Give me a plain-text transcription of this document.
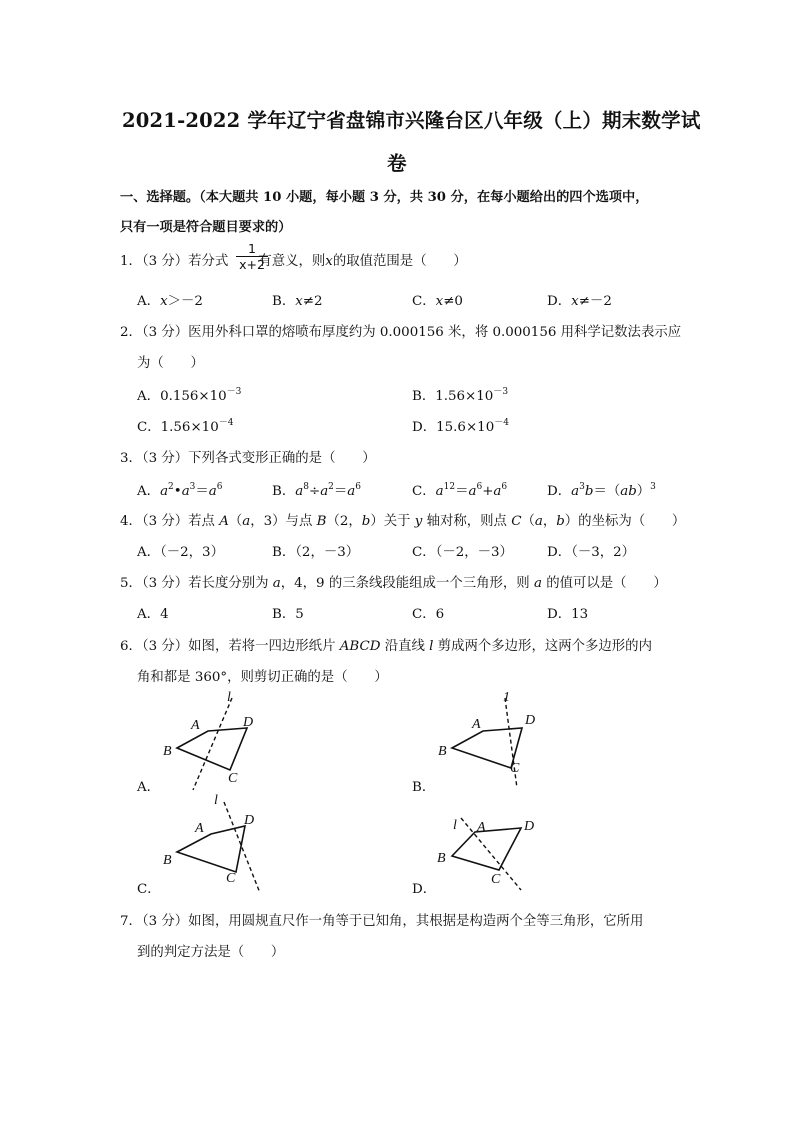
2021-2022 学年辽宁省盘锦市兴隆台区八年级（上）期末数学试
卷
一、选择题。（本大题共 10 小题，每小题 3 分，共 30 分，在每小题给出的四个选项中，
只有一项是符合题目要求的）
1．（3 分）若分式 有意义，则x的取值范围是（　　）
$\frac{1}{x+2}$
A．x＞－2	B．x≠2	C．x≠0	D．x≠－2
2．（3 分）医用外科口罩的熔喷布厚度约为 0.000156 米，将 0.000156 用科学记数法表示应
为（　　）
A．$0.156\times 10^{-3}$	B．$1.56\times 10^{-3}$
C．$1.56\times 10^{-4}$	D．$15.6\times 10^{-4}$
3．（3 分）下列各式变形正确的是（　　）
A．$a^2•a^3=a^6$	B．$a^8\div a^2=a^6$	C．$a^{12}=a^6+a^6$	D．$a^3b=(ab)^3$
4．（3 分）若点 A（a，3）与点 B（2，b）关于 y 轴对称，则点 C（a，b）的坐标为（　　）
A．（－2，3）	B．（2，－3）	C．（－2，－3）	D．（－3，2）
5．（3 分）若长度分别为 a，4，9 的三条线段能组成一个三角形，则 a 的值可以是（　　）
A．4	B．5	C．6	D．13
6．（3 分）如图，若将一四边形纸片 ABCD 沿直线 l 剪成两个多边形，这两个多边形的内
角和都是 360°，则剪切正确的是（　　）
l
A
B
C
D
A．
1
A
B
C
D
B．
l
A
B
C
D
C．
l A
B
C
D
D．
7．（3 分）如图，用圆规直尺作一角等于已知角，其根据是构造两个全等三角形，它所用
到的判定方法是（　　）
